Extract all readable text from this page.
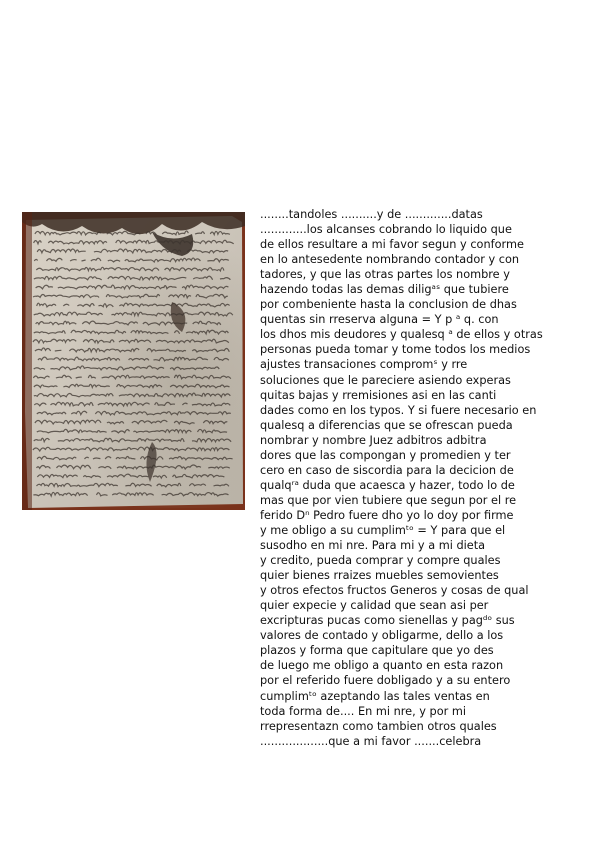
........tandoles ..........y de .............datas
.............los alcanses cobrando lo liquido que
de ellos resultare a mi favor segun y conforme
en lo antesedente nombrando contador y con
tadores, y que las otras partes los nombre y
hazendo todas las demas diligᵃˢ que tubiere
por combeniente hasta la conclusion de dhas
quentas sin rreserva alguna = Y p ᵃ q. con
los dhos mis deudores y qualesq ᵃ de ellos y otras
personas pueda tomar y tome todos los medios
ajustes transaciones compromˢ y rre
soluciones que le pareciere asiendo experas
quitas bajas y rremisiones asi en las canti
dades como en los typos. Y si fuere necesario en
qualesq a diferencias que se ofrescan pueda
nombrar y nombre Juez adbitros adbitra
dores que las compongan y promedien y ter
cero en caso de siscordia para la decicion de
qualqʳᵃ duda que acaesca y hazer, todo lo de
mas que por vien tubiere que segun por el re
ferido Dⁿ Pedro fuere dho yo lo doy por firme
y me obligo a su cumplimᵗᵒ = Y para que el
susodho en mi nre. Para mi y a mi dieta
y credito, pueda comprar y compre quales
quier bienes rraizes muebles semovientes
y otros efectos fructos Generos y cosas de qual
quier expecie y calidad que sean asi per
excripturas pucas como sienellas y pagᵈᵒ sus
valores de contado y obligarme, dello a los
plazos y forma que capitulare que yo des
de luego me obligo a quanto en esta razon
por el referido fuere dobligado y a su entero
cumplimᵗᵒ azeptando las tales ventas en
toda forma de.... En mi nre, y por mi
rrepresentazn como tambien otros quales
...................que a mi favor .......celebra
